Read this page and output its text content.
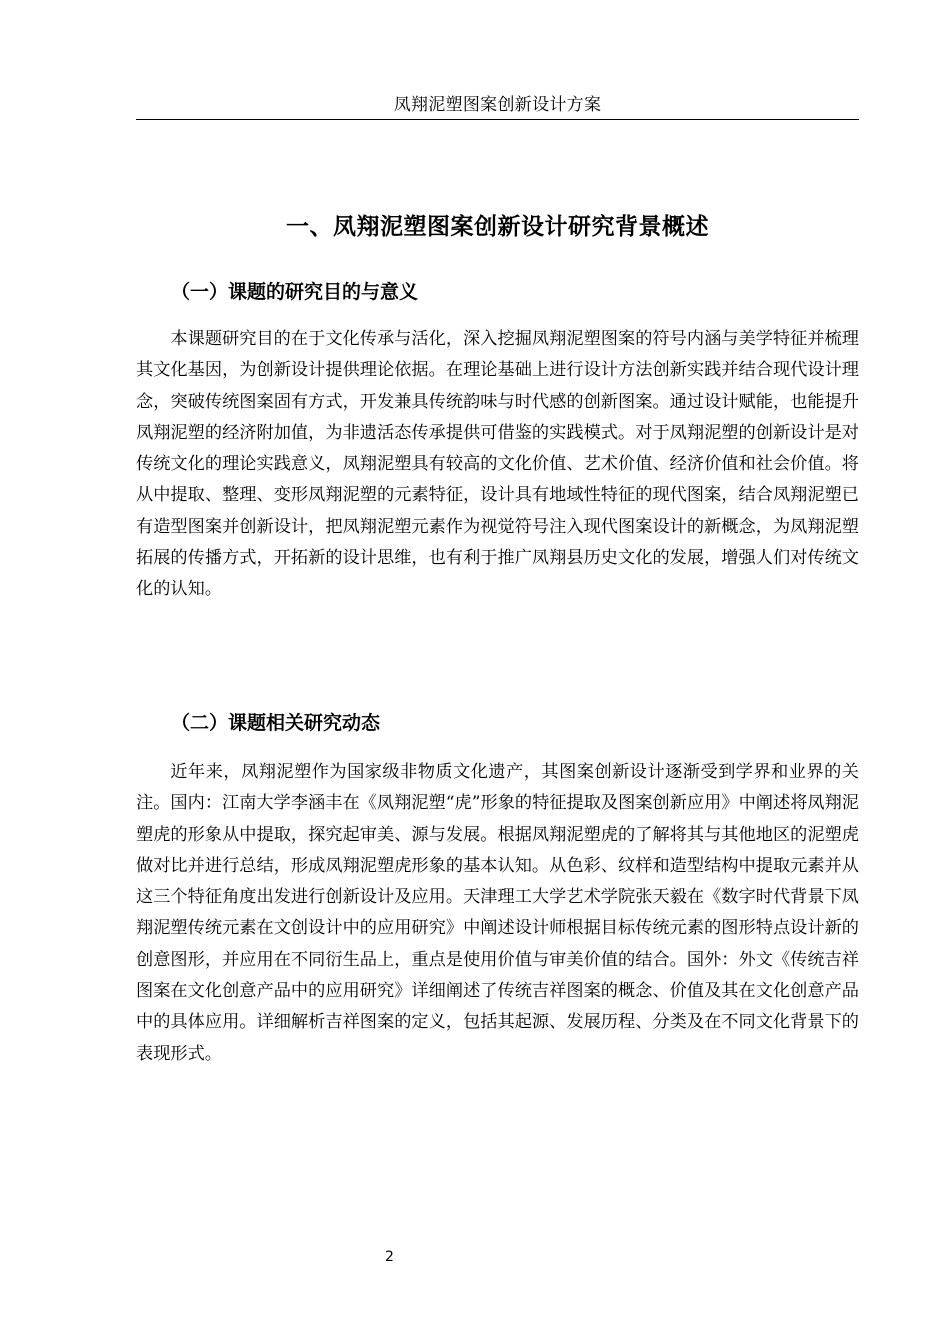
凤翔泥塑图案创新设计方案
一、凤翔泥塑图案创新设计研究背景概述
（一）课题的研究目的与意义

本课题研究目的在于文化传承与活化，深入挖掘凤翔泥塑图案的符号内涵与美学特征并梳理其文化基因，为创新设计提供理论依据。在理论基础上进行设计方法创新实践并结合现代设计理念，突破传统图案固有方式，开发兼具传统韵味与时代感的创新图案。通过设计赋能，也能提升凤翔泥塑的经济附加值，为非遗活态传承提供可借鉴的实践模式。对于凤翔泥塑的创新设计是对传统文化的理论实践意义，凤翔泥塑具有较高的文化价值、艺术价值、经济价值和社会价值。将从中提取、整理、变形凤翔泥塑的元素特征，设计具有地域性特征的现代图案，结合凤翔泥塑已有造型图案并创新设计，把凤翔泥塑元素作为视觉符号注入现代图案设计的新概念，为凤翔泥塑拓展的传播方式，开拓新的设计思维，也有利于推广凤翔县历史文化的发展，增强人们对传统文化的认知。

（二）课题相关研究动态

近年来，凤翔泥塑作为国家级非物质文化遗产，其图案创新设计逐渐受到学界和业界的关注。国内：江南大学李涵丰在《凤翔泥塑“虎”形象的特征提取及图案创新应用》中阐述将凤翔泥塑虎的形象从中提取，探究起审美、源与发展。根据凤翔泥塑虎的了解将其与其他地区的泥塑虎做对比并进行总结，形成凤翔泥塑虎形象的基本认知。从色彩、纹样和造型结构中提取元素并从这三个特征角度出发进行创新设计及应用。天津理工大学艺术学院张天毅在《数字时代背景下凤翔泥塑传统元素在文创设计中的应用研究》中阐述设计师根据目标传统元素的图形特点设计新的创意图形，并应用在不同衍生品上，重点是使用价值与审美价值的结合。国外：外文《传统吉祥图案在文化创意产品中的应用研究》详细阐述了传统吉祥图案的概念、价值及其在文化创意产品中的具体应用。详细解析吉祥图案的定义，包括其起源、发展历程、分类及在不同文化背景下的表现形式。

2
